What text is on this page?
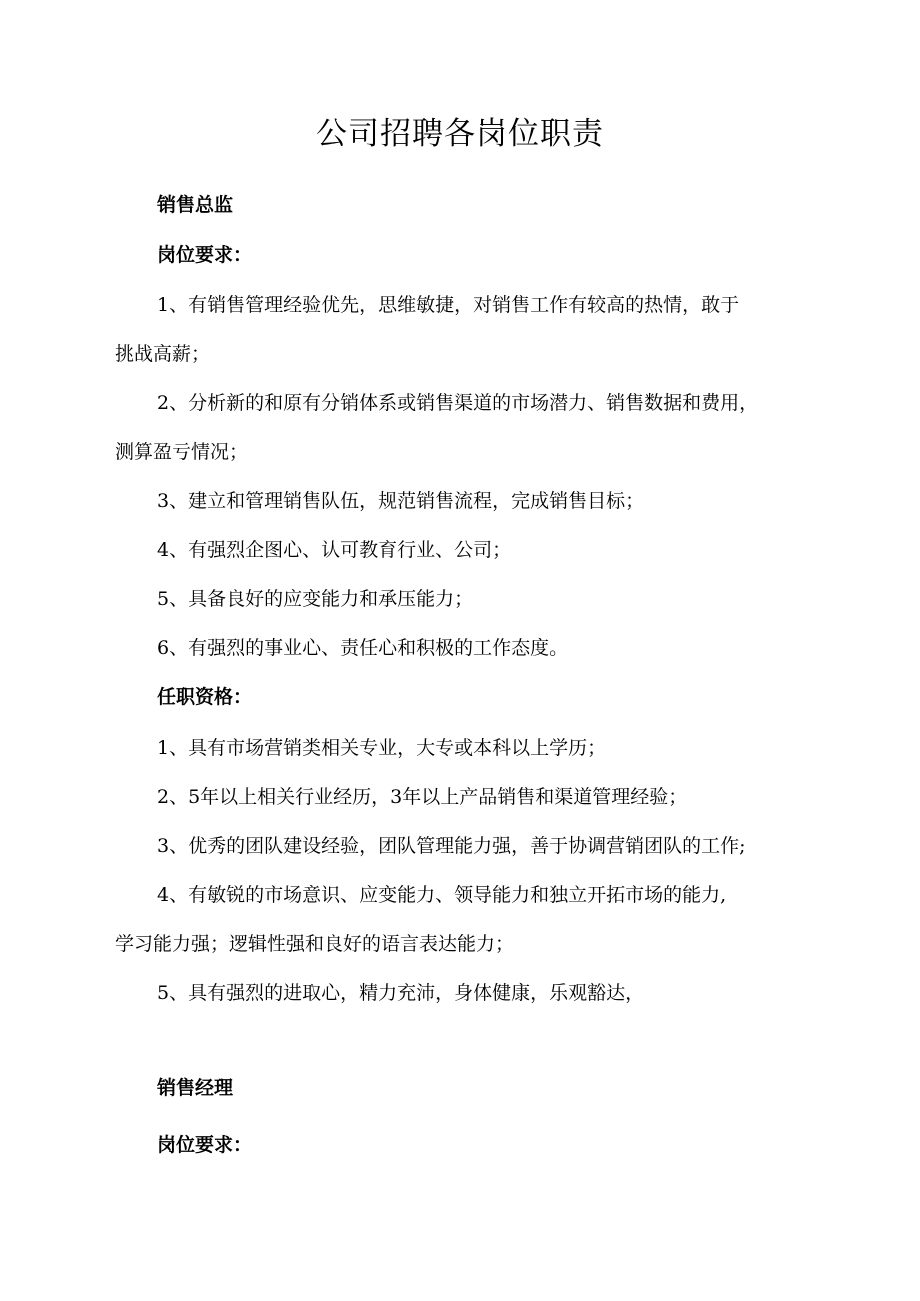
公司招聘各岗位职责
销售总监
岗位要求：
1、有销售管理经验优先，思维敏捷，对销售工作有较高的热情，敢于
挑战高薪；
2、分析新的和原有分销体系或销售渠道的市场潜力、销售数据和费用，
测算盈亏情况；
3、建立和管理销售队伍，规范销售流程，完成销售目标；
4、有强烈企图心、认可教育行业、公司；
5、具备良好的应变能力和承压能力；
6、有强烈的事业心、责任心和积极的工作态度。
任职资格：
1、具有市场营销类相关专业，大专或本科以上学历；
2、5年以上相关行业经历，3年以上产品销售和渠道管理经验；
3、优秀的团队建设经验，团队管理能力强，善于协调营销团队的工作;
4、有敏锐的市场意识、应变能力、领导能力和独立开拓市场的能力,
学习能力强；逻辑性强和良好的语言表达能力；
5、具有强烈的进取心，精力充沛，身体健康，乐观豁达，
销售经理
岗位要求：
